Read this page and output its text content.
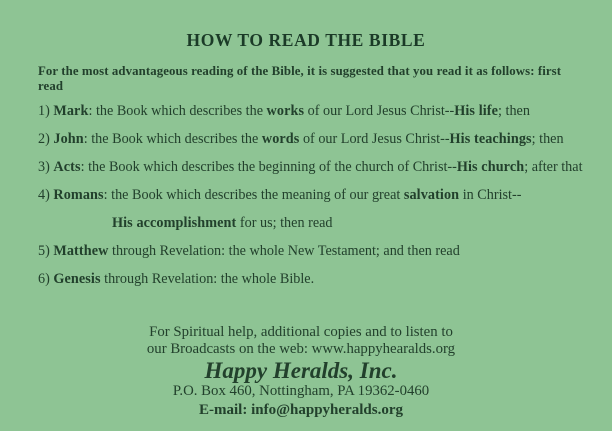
HOW TO READ THE BIBLE
For the most advantageous reading of the Bible, it is suggested that you read it as follows: first read
1) Mark: the Book which describes the works of our Lord Jesus Christ--His life; then
2) John: the Book which describes the words of our Lord Jesus Christ--His teachings; then
3) Acts: the Book which describes the beginning of the church of Christ--His church; after that
4) Romans: the Book which describes the meaning of our great salvation in Christ--
His accomplishment for us; then read
5) Matthew through Revelation: the whole New Testament; and then read
6) Genesis through Revelation: the whole Bible.
For Spiritual help, additional copies and to listen to
our Broadcasts on the web: www.happyhearalds.org
Happy Heralds, Inc.
P.O. Box 460, Nottingham, PA 19362-0460
E-mail: info@happyheralds.org
